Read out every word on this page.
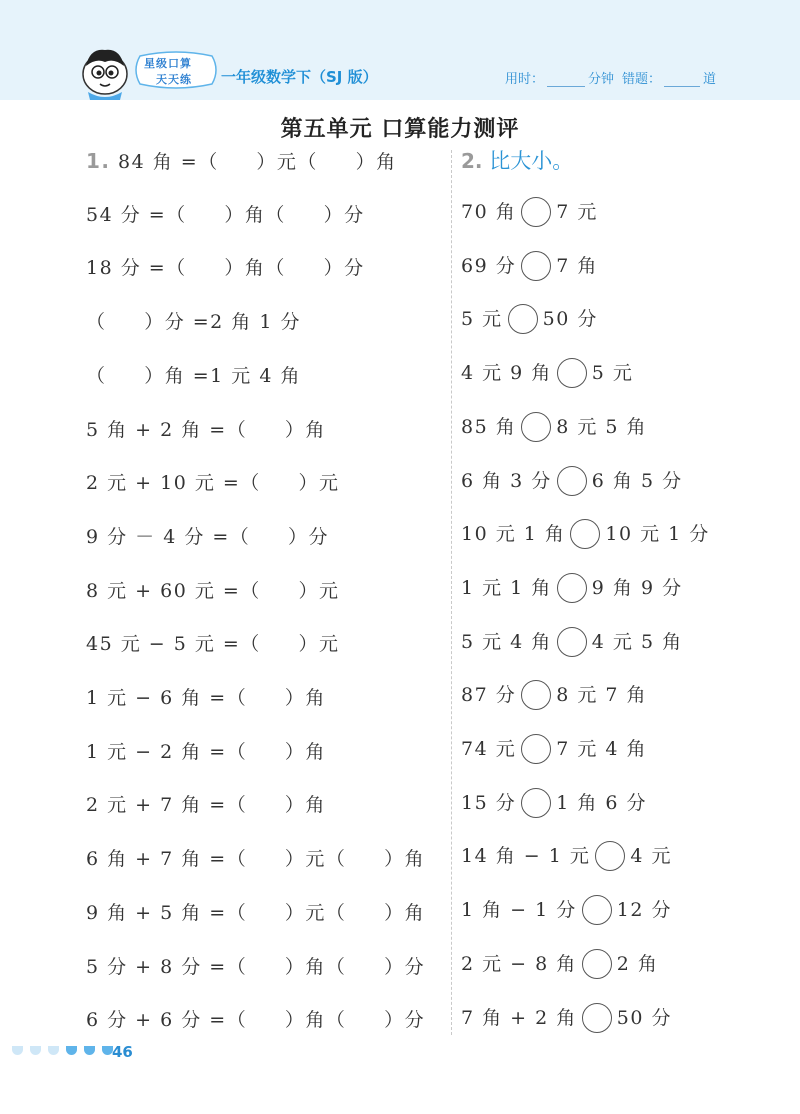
星级口算
天天练 一年级数学下（SJ 版）	用时：	分钟 错题：	道
第五单元 口算能力测评
1. 84 角 =（     ）元（     ）角
54 分 =（     ）角（     ）分
18 分 =（     ）角（     ）分
（     ）分 =2 角 1 分
（     ）角 =1 元 4 角
5 角 + 2 角 =（     ）角
2 元 + 10 元 =（     ）元
9 分 － 4 分 =（     ）分
8 元 + 60 元 =（     ）元
45 元 − 5 元 =（     ）元
1 元 − 6 角 =（     ）角
1 元 − 2 角 =（     ）角
2 元 + 7 角 =（     ）角
6 角 + 7 角 =（     ）元（     ）角
9 角 + 5 角 =（     ）元（     ）角
5 分 + 8 分 =（     ）角（     ）分
6 分 + 6 分 =（     ）角（     ）分
2. 比大小。
70 角 7 元
69 分 7 角
5 元 50 分
4 元 9 角 5 元
85 角 8 元 5 角
6 角 3 分 6 角 5 分
10 元 1 角 10 元 1 分
1 元 1 角 9 角 9 分
5 元 4 角 4 元 5 角
87 分 8 元 7 角
74 元 7 元 4 角
15 分 1 角 6 分
14 角 − 1 元 4 元
1 角 − 1 分 12 分
2 元 − 8 角 2 角
7 角 + 2 角 50 分
46
